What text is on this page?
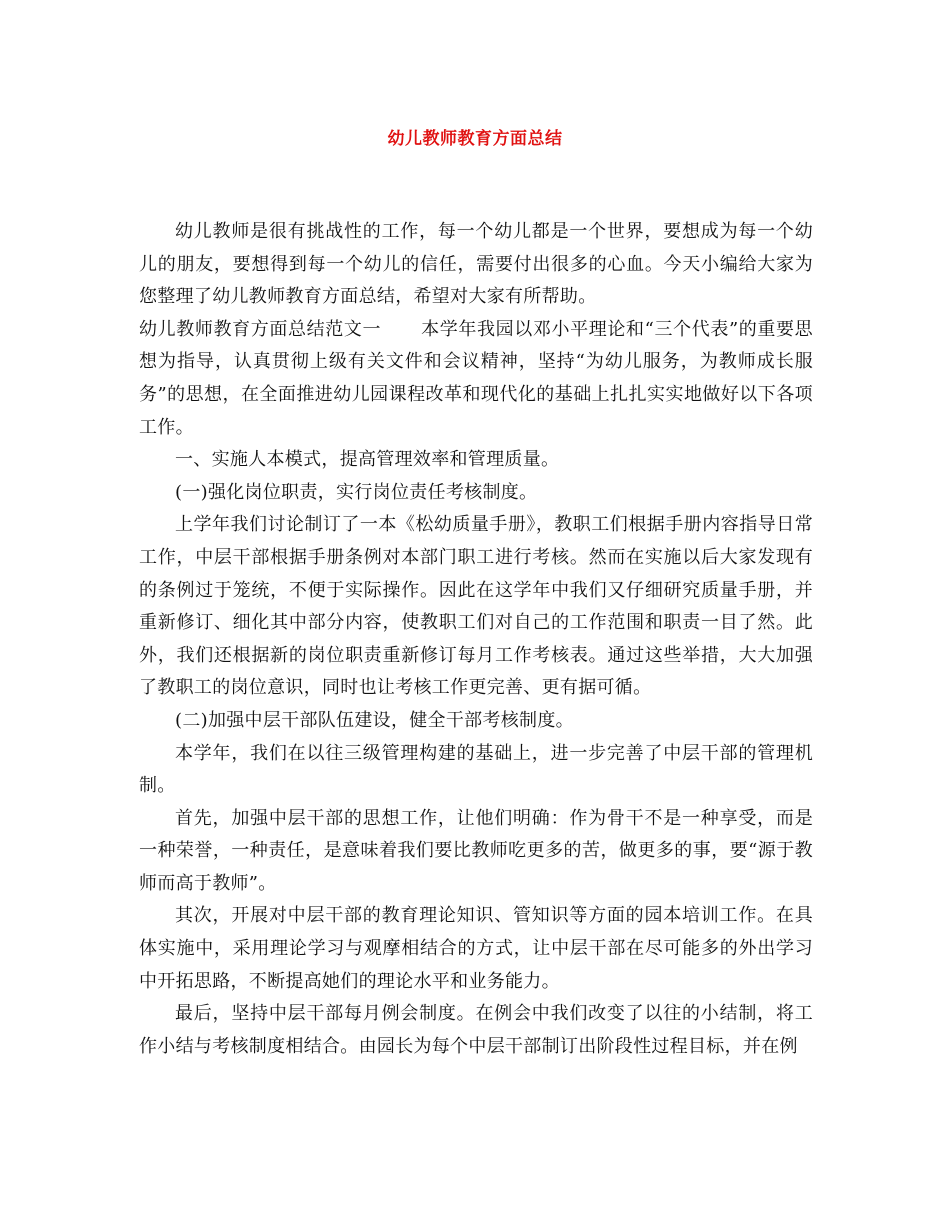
幼儿教师教育方面总结

幼儿教师是很有挑战性的工作，每一个幼儿都是一个世界，要想成为每一个幼儿的朋友，要想得到每一个幼儿的信任，需要付出很多的心血。今天小编给大家为您整理了幼儿教师教育方面总结，希望对大家有所帮助。

幼儿教师教育方面总结范文一 本学年我园以邓小平理论和“三个代表”的重要思想为指导，认真贯彻上级有关文件和会议精神，坚持“为幼儿服务，为教师成长服务”的思想，在全面推进幼儿园课程改革和现代化的基础上扎扎实实地做好以下各项工作。

一、实施人本模式，提高管理效率和管理质量。

(一)强化岗位职责，实行岗位责任考核制度。

上学年我们讨论制订了一本《松幼质量手册》，教职工们根据手册内容指导日常工作，中层干部根据手册条例对本部门职工进行考核。然而在实施以后大家发现有的条例过于笼统，不便于实际操作。因此在这学年中我们又仔细研究质量手册，并重新修订、细化其中部分内容，使教职工们对自己的工作范围和职责一目了然。此外，我们还根据新的岗位职责重新修订每月工作考核表。通过这些举措，大大加强了教职工的岗位意识，同时也让考核工作更完善、更有据可循。

(二)加强中层干部队伍建设，健全干部考核制度。

本学年，我们在以往三级管理构建的基础上，进一步完善了中层干部的管理机制。

首先，加强中层干部的思想工作，让他们明确：作为骨干不是一种享受，而是一种荣誉，一种责任，是意味着我们要比教师吃更多的苦，做更多的事，要“源于教师而高于教师”。

其次，开展对中层干部的教育理论知识、管知识等方面的园本培训工作。在具体实施中，采用理论学习与观摩相结合的方式，让中层干部在尽可能多的外出学习中开拓思路，不断提高她们的理论水平和业务能力。

最后，坚持中层干部每月例会制度。在例会中我们改变了以往的小结制，将工作小结与考核制度相结合。由园长为每个中层干部制订出阶段性过程目标，并在例
